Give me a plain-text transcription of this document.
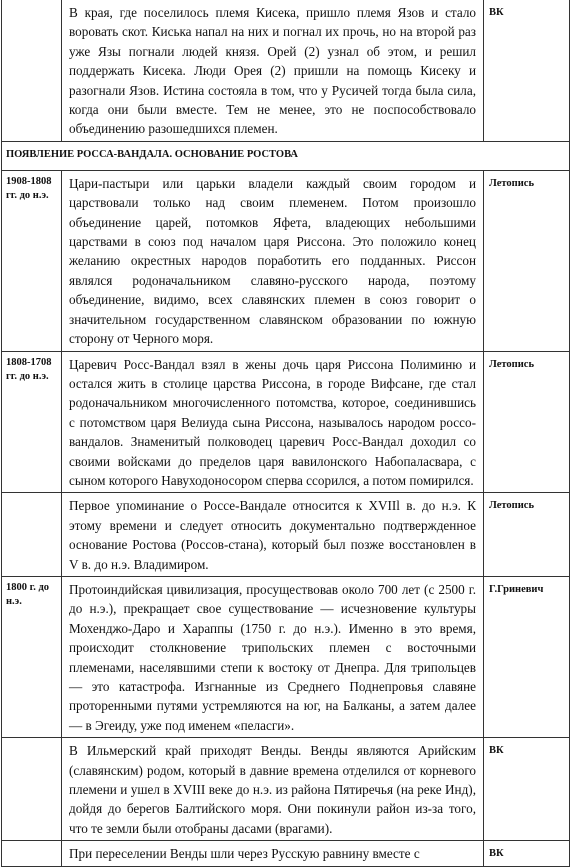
	В края, где поселилось племя Кисека, пришло племя Язов и стало воровать скот. Киська напал на них и погнал их прочь, но на второй раз уже Язы погнали людей князя. Орей (2) узнал об этом, и решил поддержать Кисека. Люди Орея (2) пришли на помощь Кисеку и разогнали Язов. Истина состояла в том, что у Русичей тогда была сила, когда они были вместе. Тем не менее, это не поспособствовало объединению разошедшихся племен.	ВК
ПОЯВЛЕНИЕ РОССА-ВАНДАЛА. ОСНОВАНИЕ РОСТОВА		
1908-1808 гг. до н.э.	Цари-пастыри или царьки владели каждый своим городом и царствовали только над своим племенем. Потом произошло объединение царей, потомков Яфета, владеющих небольшими царствами в союз под началом царя Риссона. Это положило конец желанию окрестных народов поработить его подданных. Риссон являлся родоначальником славяно-русского народа, поэтому объединение, видимо, всех славянских племен в союз говорит о значительном государственном славянском образовании по южную сторону от Черного моря.	Летопись
1808-1708 гг. до н.э.	Царевич Росс-Вандал взял в жены дочь царя Риссона Полиминю и остался жить в столице царства Риссона, в городе Вифсане, где стал родоначальником многочисленного потомства, которое, соединившись с потомством царя Велиуда сына Риссона, называлось народом россо-вандалов. Знаменитый полководец царевич Росс-Вандал доходил со своими войсками до пределов царя вавилонского Набопаласвара, с сыном которого Навуходоносором сперва ссорился, а потом помирился.	Летопись
	Первое упоминание о Россе-Вандале относится к XVIIl в. до н.э. К этому времени и следует относить документально подтвержденное основание Ростова (Россов-стана), который был позже восстановлен в V в. до н.э. Владимиром.	Летопись
1800 г. до н.э.	Протоиндийская цивилизация, просуществовав около 700 лет (с 2500 г. до н.э.), прекращает свое существование — исчезновение культуры Мохенджо-Даро и Хараппы (1750 г. до н.э.). Именно в это время, происходит столкновение трипольских племен с восточными племенами, населявшими степи к востоку от Днепра. Для трипольцев — это катастрофа. Изгнанные из Среднего Поднепровья славяне проторенными путями устремляются на юг, на Балканы, а затем далее — в Эгеиду, уже под именем «пеласги».	Г.Гриневич
	В Ильмерский край приходят Венды. Венды являются Арийским (славянским) родом, который в давние времена отделился от корневого племени и ушел в XVIII веке до н.э. из района Пятиречья (на реке Инд), дойдя до берегов Балтийского моря. Они покинули район из-за того, что те земли были отобраны дасами (врагами).	ВК
	При переселении Венды шли через Русскую равнину вместе с	ВК
